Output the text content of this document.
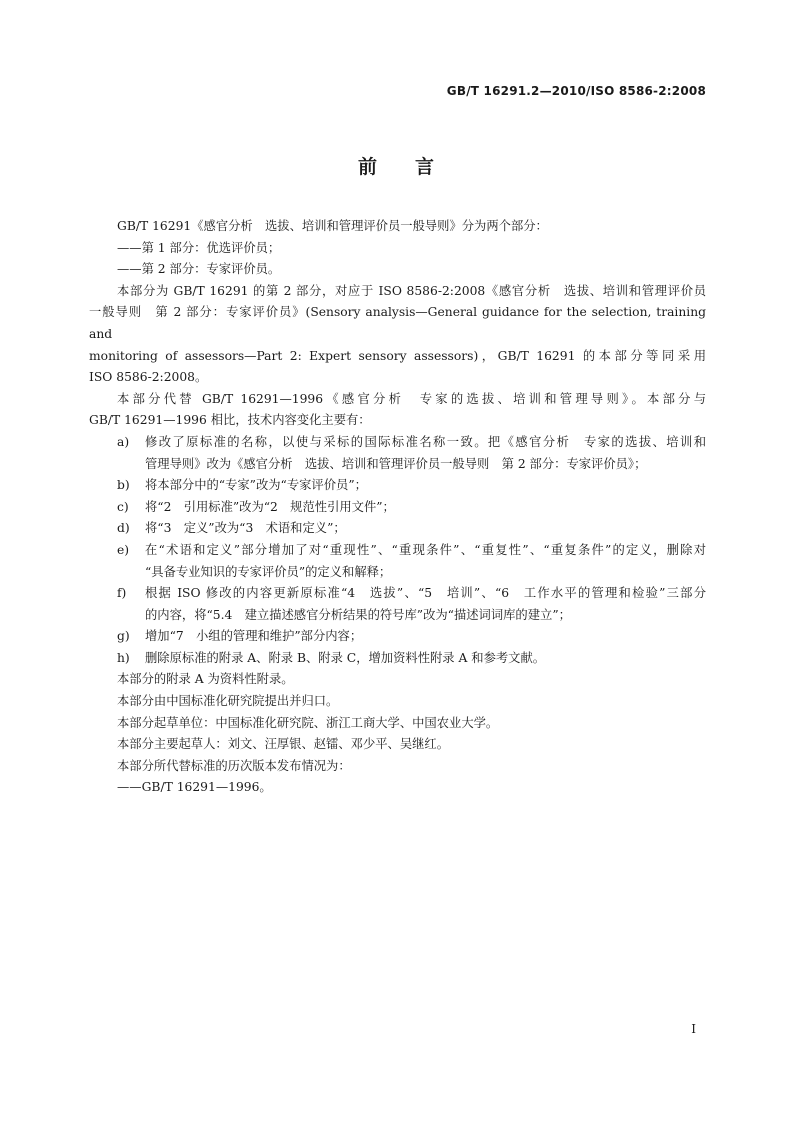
GB/T 16291.2—2010/ISO 8586-2:2008
前 言

GB/T 16291《感官分析　选拔、培训和管理评价员一般导则》分为两个部分：

——第 1 部分：优选评价员；

——第 2 部分：专家评价员。

本部分为 GB/T 16291 的第 2 部分，对应于 ISO 8586-2:2008《感官分析　选拔、培训和管理评价员

一般导则　第 2 部分：专家评价员》(Sensory analysis—General guidance for the selection, training and

monitoring of assessors—Part 2: Expert sensory assessors)，GB/T 16291 的本部分等同采用

ISO 8586-2:2008。

本部分代替 GB/T 16291—1996《感官分析　专家的选拔、培训和管理导则》。本部分与

GB/T 16291—1996 相比，技术内容变化主要有：

a) 修改了原标准的名称，以使与采标的国际标准名称一致。把《感官分析　专家的选拔、培训和
管理导则》改为《感官分析　选拔、培训和管理评价员一般导则　第 2 部分：专家评价员》；
b) 将本部分中的“专家”改为“专家评价员”；
c) 将“2　引用标准”改为“2　规范性引用文件”；
d) 将“3　定义”改为“3　术语和定义”；
e) 在“术语和定义”部分增加了对“重现性”、“重现条件”、“重复性”、“重复条件”的定义，删除对
“具备专业知识的专家评价员”的定义和解释；
f) 根据 ISO 修改的内容更新原标准“4　选拔”、“5　培训”、“6　工作水平的管理和检验”三部分
的内容，将“5.4　建立描述感官分析结果的符号库”改为“描述词词库的建立”；
g) 增加“7　小组的管理和维护”部分内容；
h) 删除原标准的附录 A、附录 B、附录 C，增加资料性附录 A 和参考文献。

本部分的附录 A 为资料性附录。

本部分由中国标准化研究院提出并归口。

本部分起草单位：中国标准化研究院、浙江工商大学、中国农业大学。

本部分主要起草人：刘文、汪厚银、赵镭、邓少平、吴继红。

本部分所代替标准的历次版本发布情况为：

——GB/T 16291—1996。

I
